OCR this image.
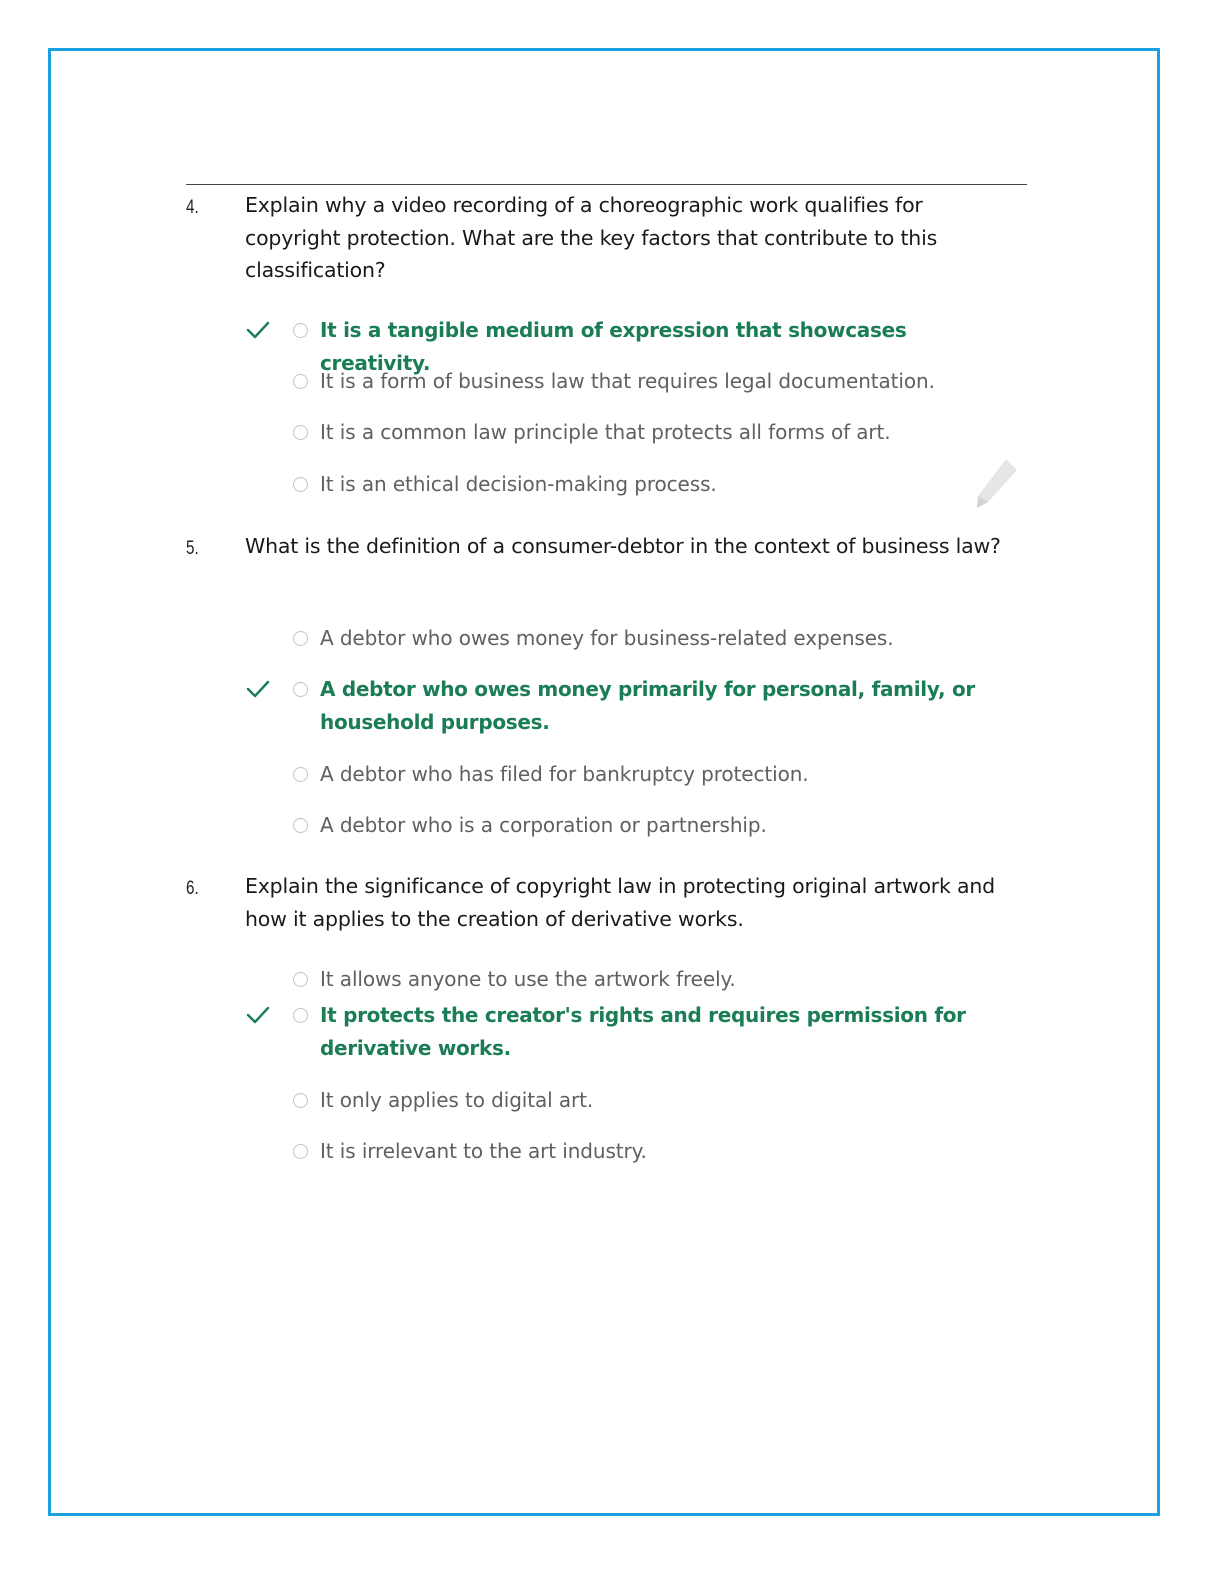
4. Explain why a video recording of a choreographic work qualifies for copyright protection. What are the key factors that contribute to this classification?
It is a tangible medium of expression that showcases creativity.
It is a form of business law that requires legal documentation.
It is a common law principle that protects all forms of art.
It is an ethical decision-making process.
5. What is the definition of a consumer-debtor in the context of business law?
A debtor who owes money for business-related expenses.
A debtor who owes money primarily for personal, family, or household purposes.
A debtor who has filed for bankruptcy protection.
A debtor who is a corporation or partnership.
6. Explain the significance of copyright law in protecting original artwork and how it applies to the creation of derivative works.
It allows anyone to use the artwork freely.
It protects the creator's rights and requires permission for derivative works.
It only applies to digital art.
It is irrelevant to the art industry.
